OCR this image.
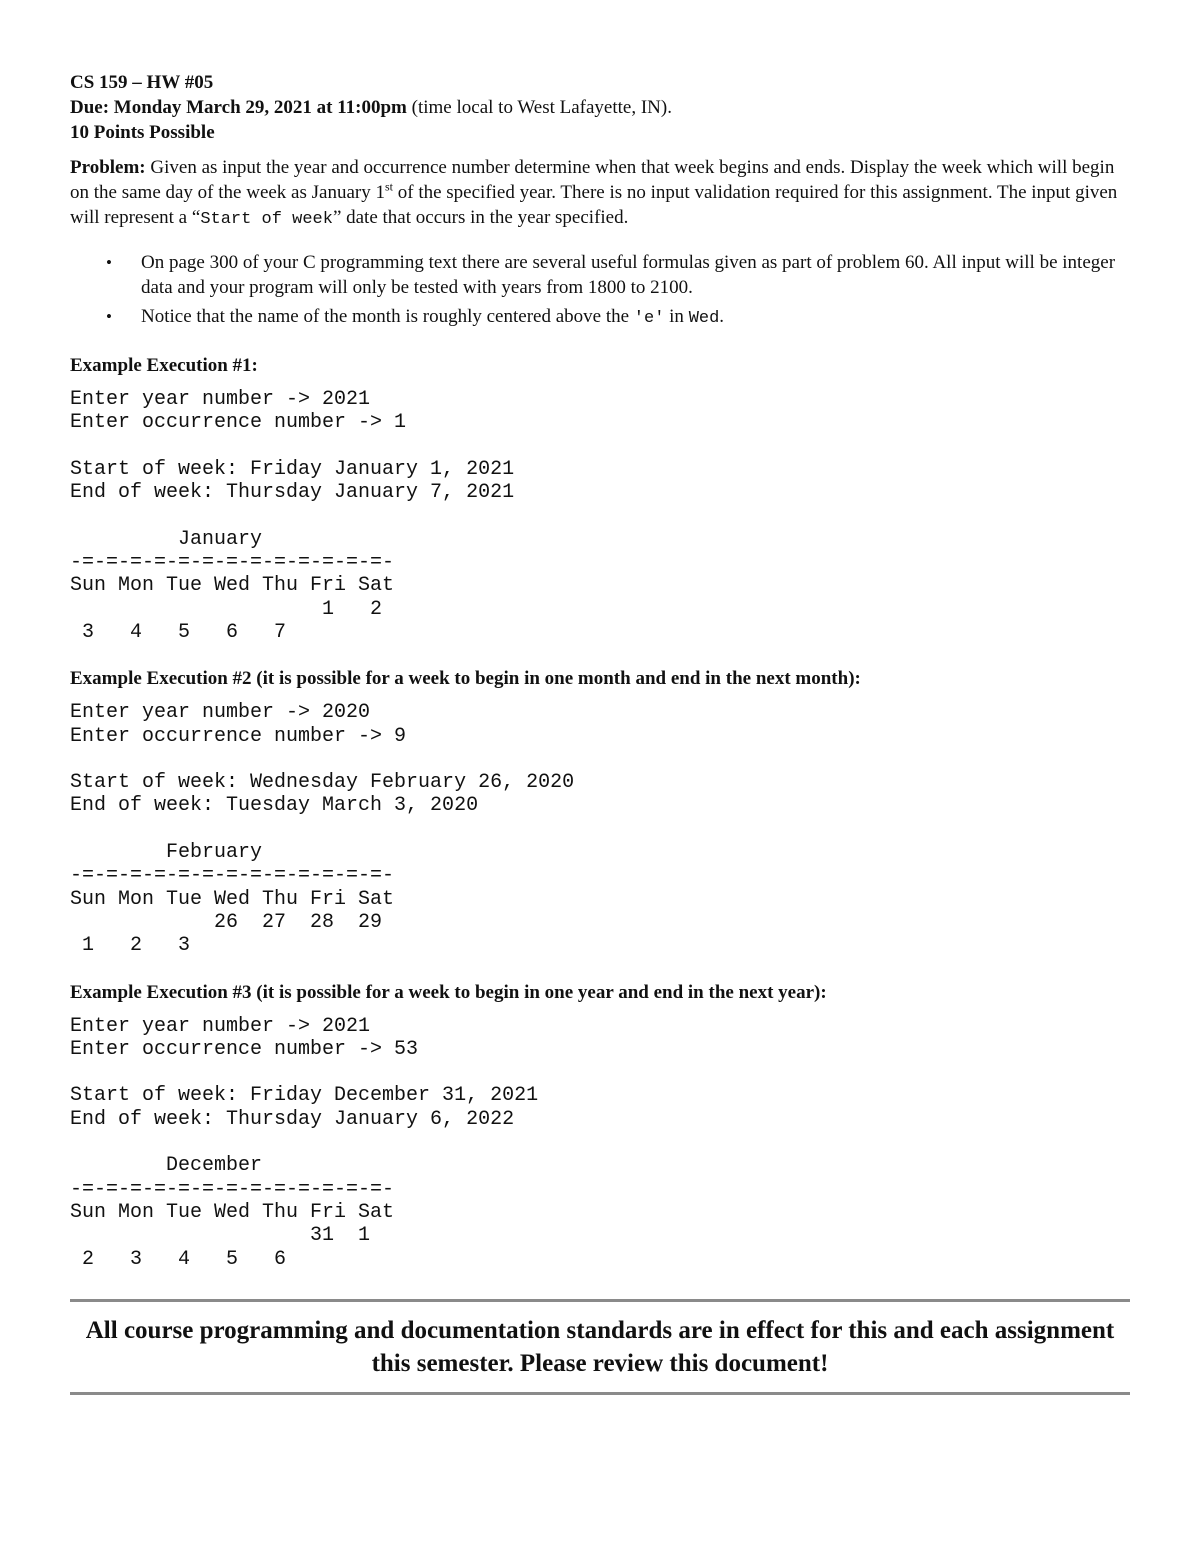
CS 159 – HW #05
Due: Monday March 29, 2021 at 11:00pm (time local to West Lafayette, IN).
10 Points Possible
Problem: Given as input the year and occurrence number determine when that week begins and ends. Display the week which will begin on the same day of the week as January 1st of the specified year. There is no input validation required for this assignment. The input given will represent a “Start of week” date that occurs in the year specified.
• On page 300 of your C programming text there are several useful formulas given as part of problem 60. All input will be integer data and your program will only be tested with years from 1800 to 2100.
• Notice that the name of the month is roughly centered above the 'e' in Wed.
Example Execution #1:
Enter year number -> 2021
Enter occurrence number -> 1

Start of week: Friday January 1, 2021
End of week: Thursday January 7, 2021

January
-=-=-=-=-=-=-=-=-=-=-=-=-=-
Sun Mon Tue Wed Thu Fri Sat
1   2
3   4   5   6   7
Example Execution #2 (it is possible for a week to begin in one month and end in the next month):
Enter year number -> 2020
Enter occurrence number -> 9

Start of week: Wednesday February 26, 2020
End of week: Tuesday March 3, 2020

February
-=-=-=-=-=-=-=-=-=-=-=-=-=-
Sun Mon Tue Wed Thu Fri Sat
26  27  28  29
1   2   3
Example Execution #3 (it is possible for a week to begin in one year and end in the next year):
Enter year number -> 2021
Enter occurrence number -> 53

Start of week: Friday December 31, 2021
End of week: Thursday January 6, 2022

December
-=-=-=-=-=-=-=-=-=-=-=-=-=-
Sun Mon Tue Wed Thu Fri Sat
31  1
2   3   4   5   6
All course programming and documentation standards are in effect for this and each assignment this semester. Please review this document!
